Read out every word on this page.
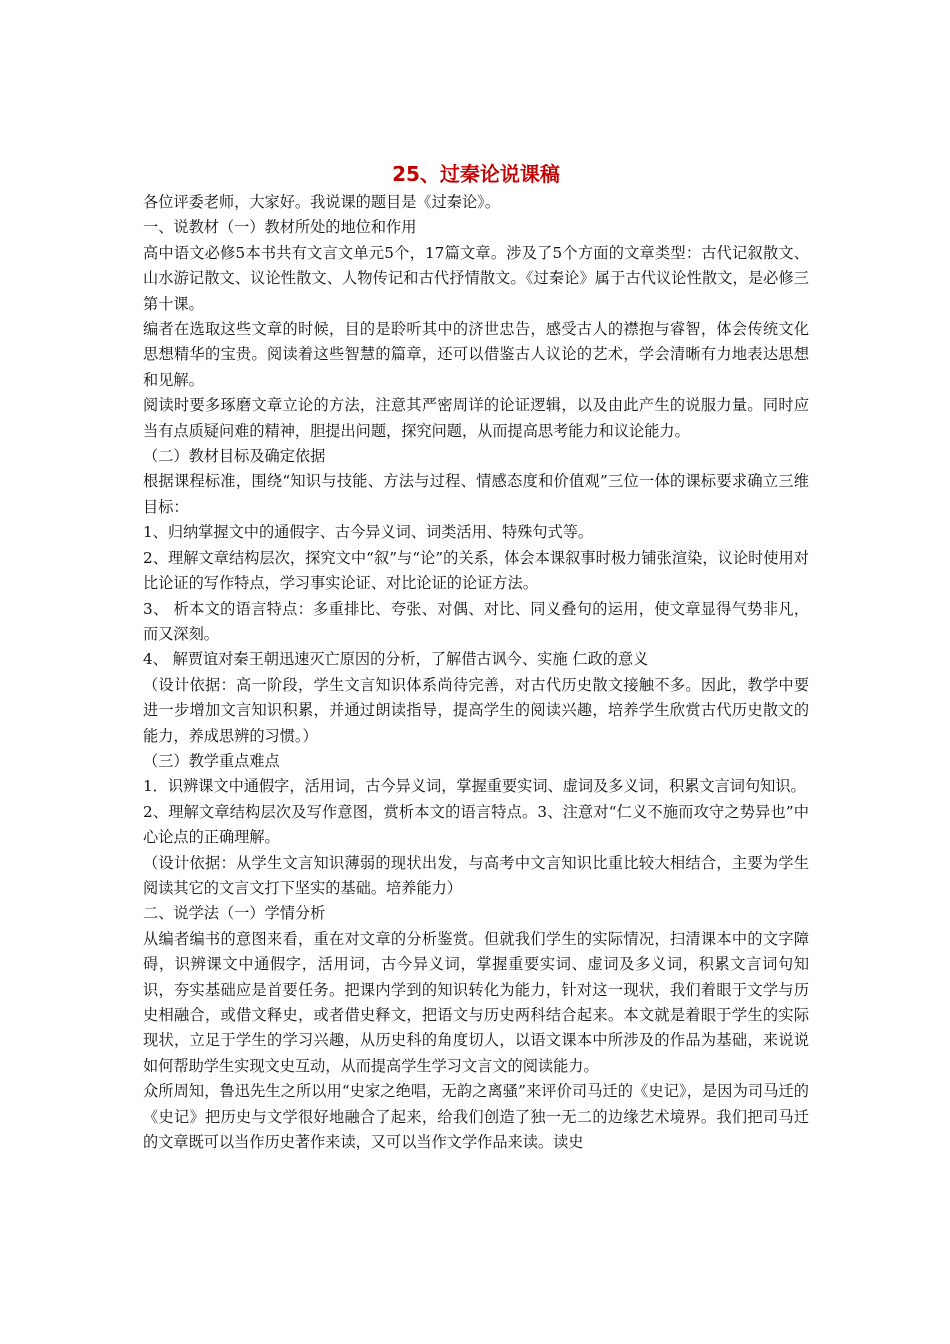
25、过秦论说课稿

各位评委老师，大家好。我说课的题目是《过秦论》。

一、说教材（一）教材所处的地位和作用

高中语文必修5本书共有文言文单元5个，17篇文章。涉及了5个方面的文章类型：古代记叙散文、山水游记散文、议论性散文、人物传记和古代抒情散文。《过秦论》属于古代议论性散文，是必修三第十课。

编者在选取这些文章的时候，目的是聆听其中的济世忠告，感受古人的襟抱与睿智，体会传统文化思想精华的宝贵。阅读着这些智慧的篇章，还可以借鉴古人议论的艺术，学会清晰有力地表达思想和见解。

阅读时要多琢磨文章立论的方法，注意其严密周详的论证逻辑，以及由此产生的说服力量。同时应当有点质疑问难的精神，胆提出问题，探究问题，从而提高思考能力和议论能力。

（二）教材目标及确定依据

根据课程标准，围绕“知识与技能、方法与过程、情感态度和价值观”三位一体的课标要求确立三维目标：

1、归纳掌握文中的通假字、古今异义词、词类活用、特殊句式等。

2、理解文章结构层次，探究文中“叙”与“论”的关系，体会本课叙事时极力铺张渲染，议论时使用对比论证的写作特点，学习事实论证、对比论证的论证方法。

3、 析本文的语言特点：多重排比、夸张、对偶、对比、同义叠句的运用，使文章显得气势非凡，而又深刻。

4、 解贾谊对秦王朝迅速灭亡原因的分析，了解借古讽今、实施 仁政的意义

（设计依据：高一阶段，学生文言知识体系尚待完善，对古代历史散文接触不多。因此，教学中要进一步增加文言知识积累，并通过朗读指导，提高学生的阅读兴趣，培养学生欣赏古代历史散文的能力，养成思辨的习惯。）

（三）教学重点难点

1．识辨课文中通假字，活用词，古今异义词，掌握重要实词、虚词及多义词，积累文言词句知识。

2、理解文章结构层次及写作意图，赏析本文的语言特点。3、注意对“仁义不施而攻守之势异也”中心论点的正确理解。

（设计依据：从学生文言知识薄弱的现状出发，与高考中文言知识比重比较大相结合，主要为学生阅读其它的文言文打下坚实的基础。培养能力）

二、说学法（一）学情分析

从编者编书的意图来看，重在对文章的分析鉴赏。但就我们学生的实际情况，扫清课本中的文字障碍，识辨课文中通假字，活用词，古今异义词，掌握重要实词、虚词及多义词，积累文言词句知识，夯实基础应是首要任务。把课内学到的知识转化为能力，针对这一现状，我们着眼于文学与历史相融合，或借文释史，或者借史释文，把语文与历史两科结合起来。本文就是着眼于学生的实际现状，立足于学生的学习兴趣，从历史科的角度切人，以语文课本中所涉及的作品为基础，来说说如何帮助学生实现文史互动，从而提高学生学习文言文的阅读能力。

众所周知，鲁迅先生之所以用“史家之绝唱，无韵之离骚”来评价司马迁的《史记》，是因为司马迁的《史记》把历史与文学很好地融合了起来，给我们创造了独一无二的边缘艺术境界。我们把司马迁的文章既可以当作历史著作来读，又可以当作文学作品来读。读史
